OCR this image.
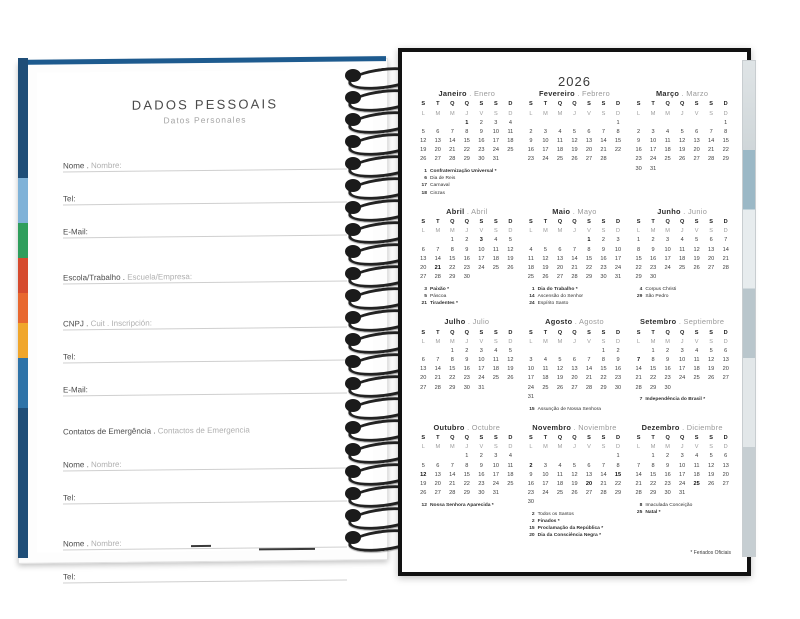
DADOS PESSOAIS
Datos Personales
Nome . Nombre:
Tel:
E-Mail:
Escola/Trabalho . Escuela/Empresa:
CNPJ . Cuit . Inscripción:
Tel:
E-Mail:
Contatos de Emergência . Contactos de Emergencia
Nome . Nombre:
Tel:
Nome . Nombre:
Tel:
2026
Janeiro . Enero
S	T	Q	Q	S	S	D
L	M	M	J	V	S	D
			1	2	3	4
5	6	7	8	9	10	11
12	13	14	15	16	17	18
19	20	21	22	23	24	25
26	27	28	29	30	31	
1 Confraternização Universal *
6 Dia de Reis
17 Carnaval
18 Cinzas
Fevereiro . Febrero
S	T	Q	Q	S	S	D
L	M	M	J	V	S	D
						1
2	3	4	5	6	7	8
9	10	11	12	13	14	15
16	17	18	19	20	21	22
23	24	25	26	27	28	
Março . Marzo
S	T	Q	Q	S	S	D
L	M	M	J	V	S	D
						1
2	3	4	5	6	7	8
9	10	11	12	13	14	15
16	17	18	19	20	21	22
23	24	25	26	27	28	29
30	31					
Abril . Abril
S	T	Q	Q	S	S	D
L	M	M	J	V	S	D
		1	2	3	4	5
6	7	8	9	10	11	12
13	14	15	16	17	18	19
20	21	22	23	24	25	26
27	28	29	30			
3 Paixão *
5 Páscoa
21 Tiradentes *
Maio . Mayo
S	T	Q	Q	S	S	D
L	M	M	J	V	S	D
				1	2	3
4	5	6	7	8	9	10
11	12	13	14	15	16	17
18	19	20	21	22	23	24
25	26	27	28	29	30	31
1 Dia do Trabalho *
14 Ascensão do Senhor
24 Espírito Santo
Junho . Junio
S	T	Q	Q	S	S	D
L	M	M	J	V	S	D
1	2	3	4	5	6	7
8	9	10	11	12	13	14
15	16	17	18	19	20	21
22	23	24	25	26	27	28
29	30					
4 Corpus Christi
29 São Pedro
Julho . Julio
S	T	Q	Q	S	S	D
L	M	M	J	V	S	D
		1	2	3	4	5
6	7	8	9	10	11	12
13	14	15	16	17	18	19
20	21	22	23	24	25	26
27	28	29	30	31		
Agosto . Agosto
S	T	Q	Q	S	S	D
L	M	M	J	V	S	D
					1	2
3	4	5	6	7	8	9
10	11	12	13	14	15	16
17	18	19	20	21	22	23
24	25	26	27	28	29	30
31						
15 Assunção de Nossa Senhora
Setembro . Septiembre
S	T	Q	Q	S	S	D
L	M	M	J	V	S	D
	1	2	3	4	5	6
7	8	9	10	11	12	13
14	15	16	17	18	19	20
21	22	23	24	25	26	27
28	29	30				
7 Independência do Brasil *
Outubro . Octubre
S	T	Q	Q	S	S	D
L	M	M	J	V	S	D
			1	2	3	4
5	6	7	8	9	10	11
12	13	14	15	16	17	18
19	20	21	22	23	24	25
26	27	28	29	30	31	
12 Nossa Senhora Aparecida *
Novembro . Noviembre
S	T	Q	Q	S	S	D
L	M	M	J	V	S	D
						1
2	3	4	5	6	7	8
9	10	11	12	13	14	15
16	17	18	19	20	21	22
23	24	25	26	27	28	29
30						
2 Todos os Santos
2 Finados *
15 Proclamação da República *
20 Dia da Consciência Negra *
Dezembro . Diciembre
S	T	Q	Q	S	S	D
L	M	M	J	V	S	D
	1	2	3	4	5	6
7	8	9	10	11	12	13
14	15	16	17	18	19	20
21	22	23	24	25	26	27
28	29	30	31			
8 Imaculada Conceição
25 Natal *
* Feriados Oficiais
